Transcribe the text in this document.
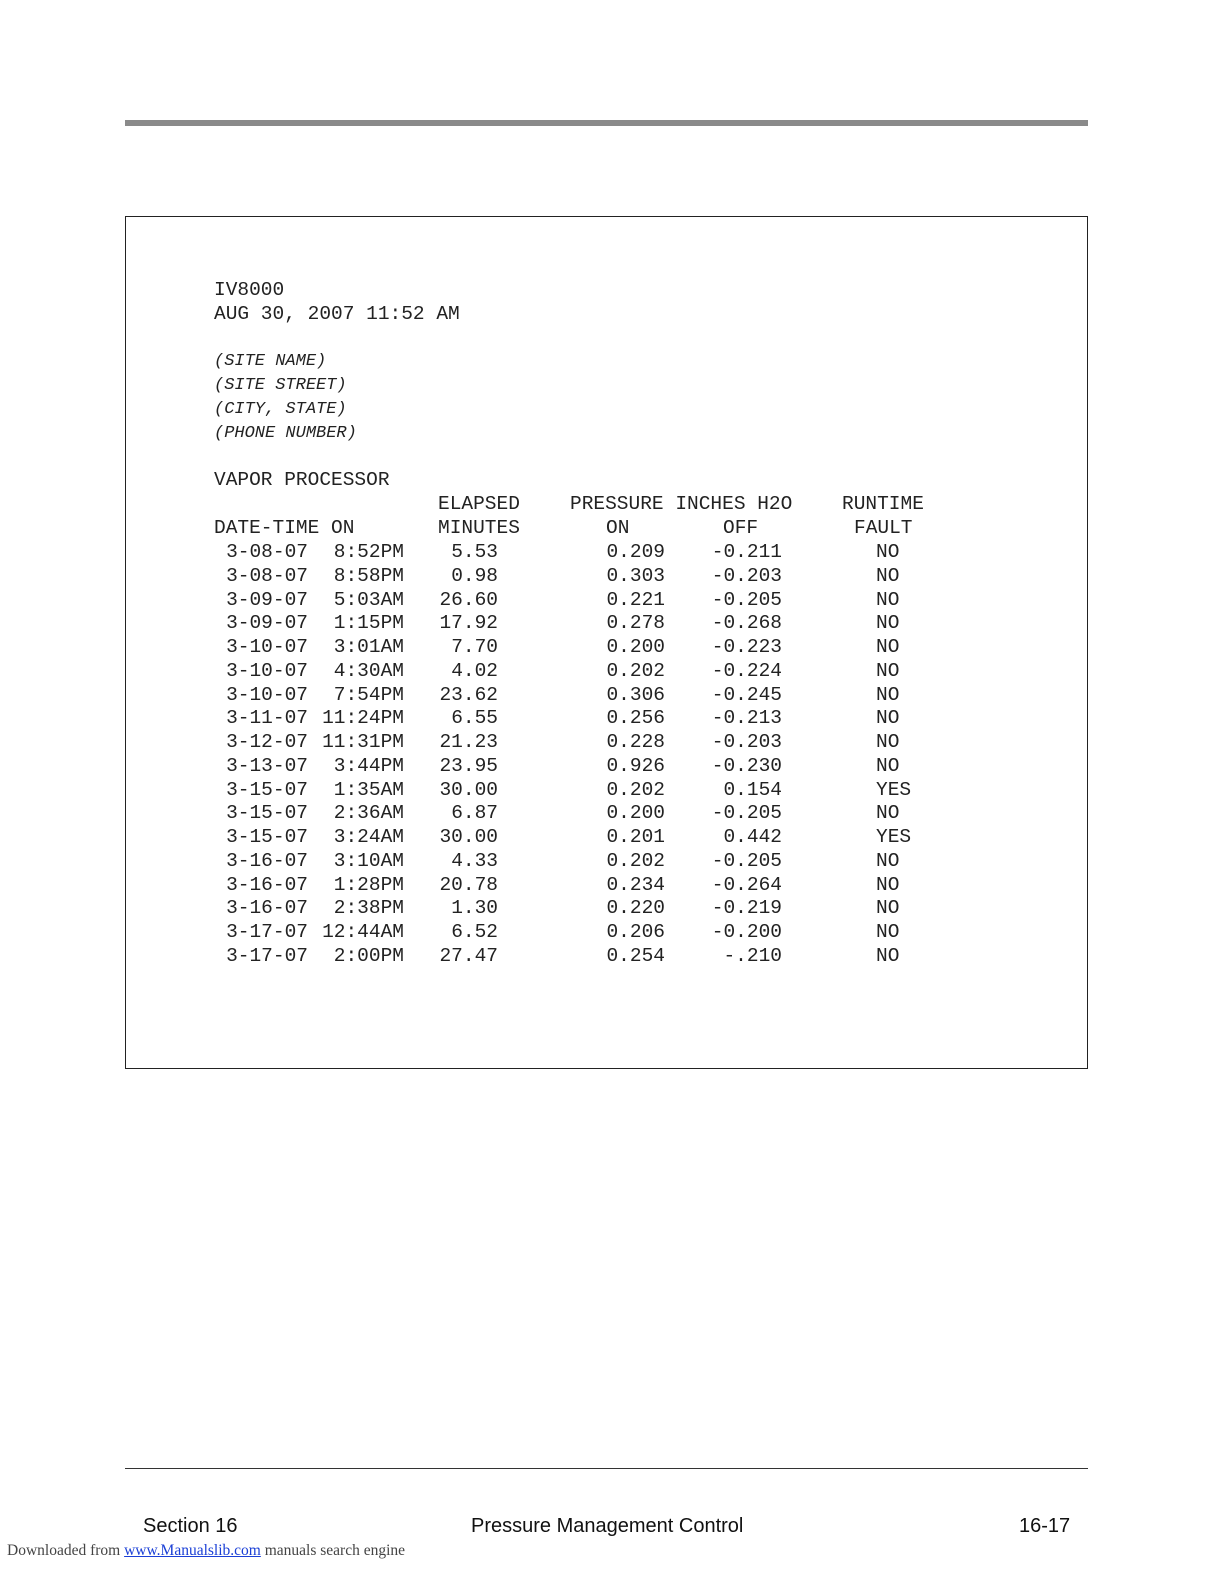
IV8000
AUG 30, 2007 11:52 AM
(SITE NAME)
(SITE STREET)
(CITY, STATE)
(PHONE NUMBER)
VAPOR PROCESSOR
ELAPSED	PRESSURE INCHES H2O	RUNTIME
DATE-TIME ON	MINUTES	ON	OFF	FAULT
3-08-07 8:52PM 5.53	0.209 -0.211	NO
3-08-07 8:58PM 0.98	0.303 -0.203	NO
3-09-07 5:03AM 26.60	0.221 -0.205	NO
3-09-07 1:15PM 17.92	0.278 -0.268	NO
3-10-07 3:01AM 7.70	0.200 -0.223	NO
3-10-07 4:30AM 4.02	0.202 -0.224	NO
3-10-07 7:54PM 23.62	0.306 -0.245	NO
3-11-07 11:24PM 6.55	0.256 -0.213	NO
3-12-07 11:31PM 21.23	0.228 -0.203	NO
3-13-07 3:44PM 23.95	0.926 -0.230	NO
3-15-07 1:35AM 30.00	0.202	0.154	YES
3-15-07 2:36AM 6.87	0.200 -0.205	NO
3-15-07 3:24AM 30.00	0.201	0.442	YES
3-16-07 3:10AM 4.33	0.202 -0.205	NO
3-16-07 1:28PM 20.78	0.234 -0.264	NO
3-16-07 2:38PM 1.30	0.220 -0.219	NO
3-17-07 12:44AM 6.52	0.206 -0.200	NO
3-17-07 2:00PM 27.47	0.254	-.210	NO
Section 16	Pressure Management Control	16-17
Downloaded from www.Manualslib.com manuals search engine
